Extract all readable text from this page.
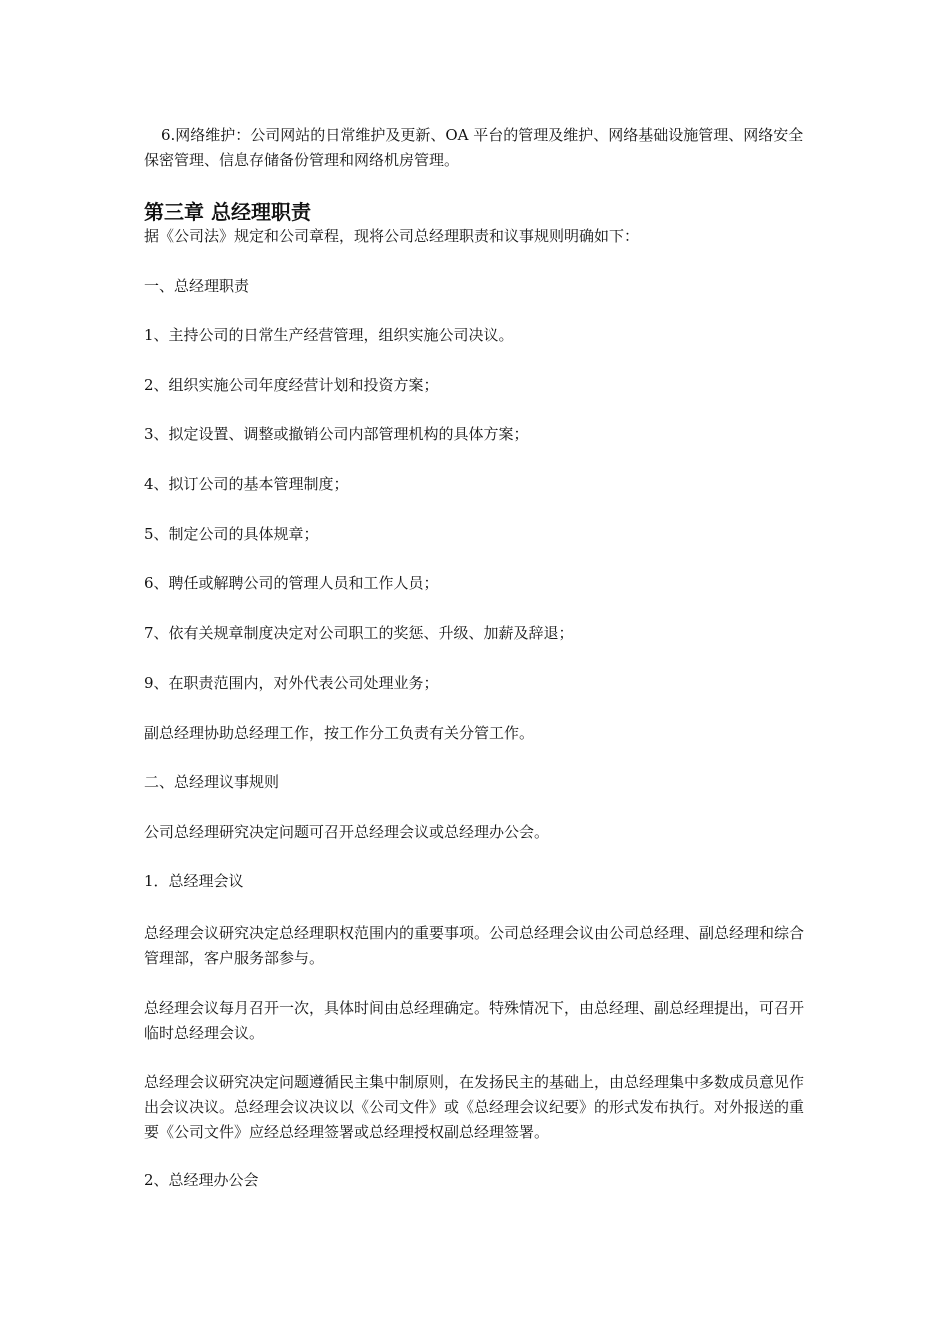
6.网络维护：公司网站的日常维护及更新、OA 平台的管理及维护、网络基础设施管理、网络安全保密管理、信息存储备份管理和网络机房管理。

第三章 总经理职责

据《公司法》规定和公司章程，现将公司总经理职责和议事规则明确如下：

一、总经理职责

1、主持公司的日常生产经营管理，组织实施公司决议。

2、组织实施公司年度经营计划和投资方案；

3、拟定设置、调整或撤销公司内部管理机构的具体方案；

4、拟订公司的基本管理制度；

5、制定公司的具体规章；

6、聘任或解聘公司的管理人员和工作人员；

7、依有关规章制度决定对公司职工的奖惩、升级、加薪及辞退；

9、在职责范围内，对外代表公司处理业务；

副总经理协助总经理工作，按工作分工负责有关分管工作。

二、总经理议事规则

公司总经理研究决定问题可召开总经理会议或总经理办公会。

1．总经理会议

总经理会议研究决定总经理职权范围内的重要事项。公司总经理会议由公司总经理、副总经理和综合管理部，客户服务部参与。

总经理会议每月召开一次，具体时间由总经理确定。特殊情况下，由总经理、副总经理提出，可召开临时总经理会议。

总经理会议研究决定问题遵循民主集中制原则，在发扬民主的基础上，由总经理集中多数成员意见作出会议决议。总经理会议决议以《公司文件》或《总经理会议纪要》的形式发布执行。对外报送的重要《公司文件》应经总经理签署或总经理授权副总经理签署。

2、总经理办公会
